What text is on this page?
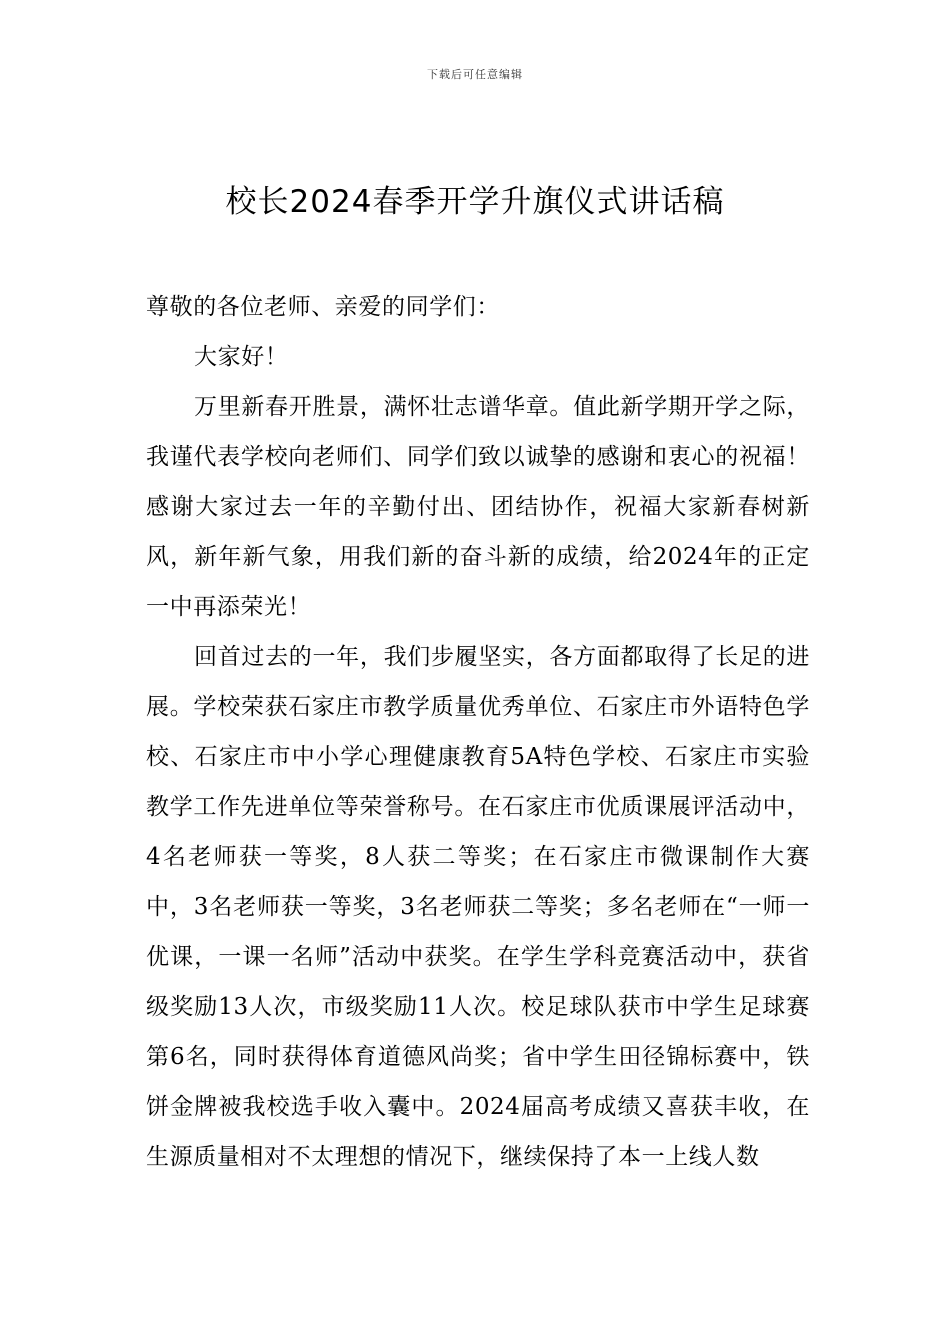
下载后可任意编辑
校长2024春季开学升旗仪式讲话稿

尊敬的各位老师、亲爱的同学们：

大家好！

万里新春开胜景，满怀壮志谱华章。值此新学期开学之际，我谨代表学校向老师们、同学们致以诚挚的感谢和衷心的祝福！感谢大家过去一年的辛勤付出、团结协作，祝福大家新春树新风，新年新气象，用我们新的奋斗新的成绩，给2024年的正定一中再添荣光！

回首过去的一年，我们步履坚实，各方面都取得了长足的进展。学校荣获石家庄市教学质量优秀单位、石家庄市外语特色学校、石家庄市中小学心理健康教育5A特色学校、石家庄市实验教学工作先进单位等荣誉称号。在石家庄市优质课展评活动中，4名老师获一等奖，8人获二等奖；在石家庄市微课制作大赛中，3名老师获一等奖，3名老师获二等奖；多名老师在“一师一优课，一课一名师”活动中获奖。在学生学科竞赛活动中，获省级奖励13人次，市级奖励11人次。校足球队获市中学生足球赛第6名，同时获得体育道德风尚奖；省中学生田径锦标赛中，铁饼金牌被我校选手收入囊中。2024届高考成绩又喜获丰收，在生源质量相对不太理想的情况下，继续保持了本一上线人数
